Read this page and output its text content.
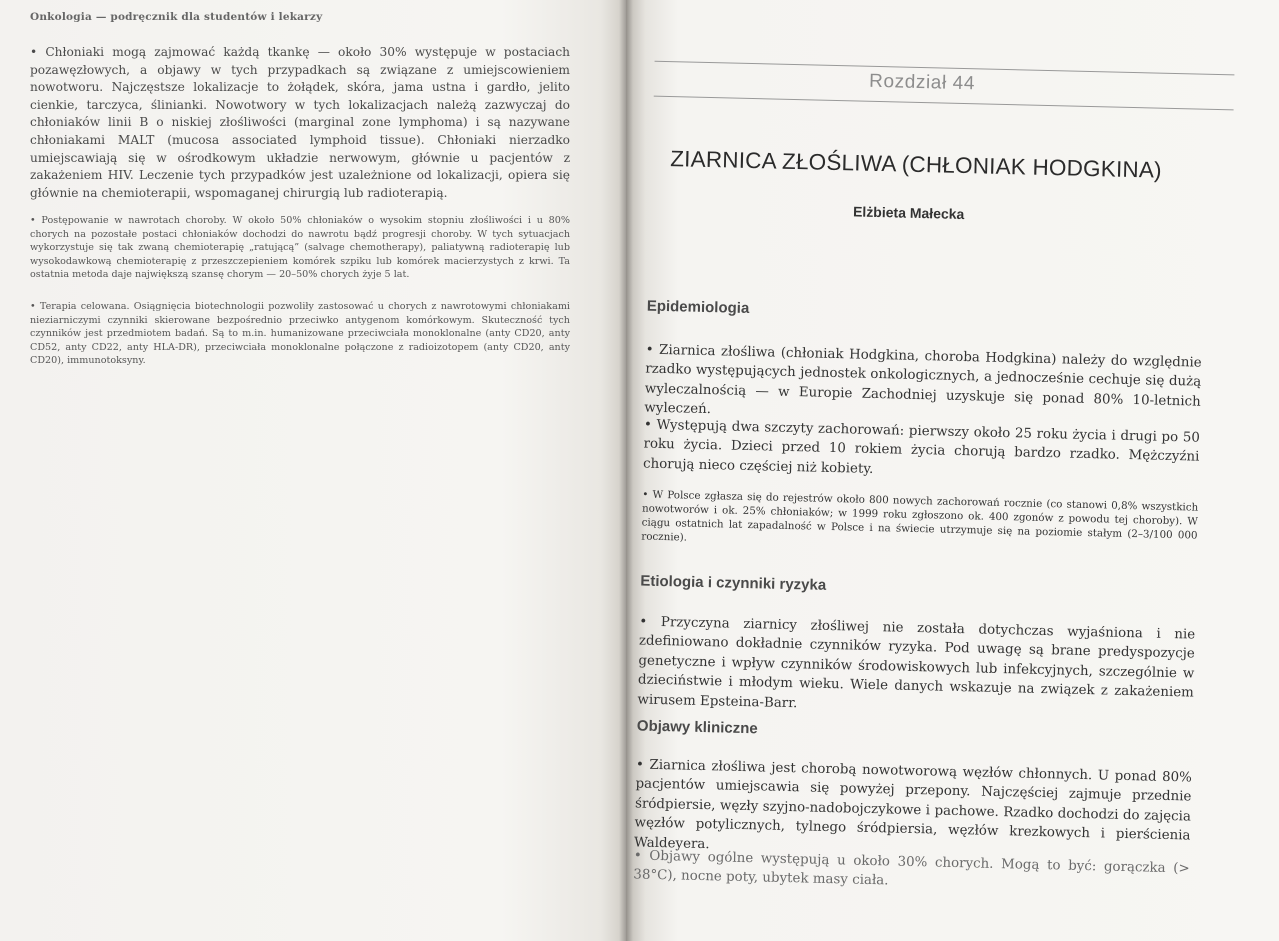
Onkologia — podręcznik dla studentów i lekarzy

• Chłoniaki mogą zajmować każdą tkankę — około 30% występuje w postaciach pozawęzłowych, a objawy w tych przypadkach są związane z umiejscowieniem nowotworu. Najczęstsze lokalizacje to żołądek, skóra, jama ustna i gardło, jelito cienkie, tarczyca, ślinianki. Nowotwory w tych lokalizacjach należą zazwyczaj do chłoniaków linii B o niskiej złośliwości (marginal zone lymphoma) i są nazywane chłoniakami MALT (mucosa associated lymphoid tissue). Chłoniaki nierzadko umiejscawiają się w ośrodkowym układzie nerwowym, głównie u pacjentów z zakażeniem HIV. Leczenie tych przypadków jest uzależnione od lokalizacji, opiera się głównie na chemioterapii, wspomaganej chirurgią lub radioterapią.

• Postępowanie w nawrotach choroby. W około 50% chłoniaków o wysokim stopniu złośliwości i u 80% chorych na pozostałe postaci chłoniaków dochodzi do nawrotu bądź progresji choroby. W tych sytuacjach wykorzystuje się tak zwaną chemioterapię „ratującą” (salvage chemotherapy), paliatywną radioterapię lub wysokodawkową chemioterapię z przeszczepieniem komórek szpiku lub komórek macierzystych z krwi. Ta ostatnia metoda daje największą szansę chorym — 20–50% chorych żyje 5 lat.

• Terapia celowana. Osiągnięcia biotechnologii pozwoliły zastosować u chorych z nawrotowymi chłoniakami nieziarniczymi czynniki skierowane bezpośrednio przeciwko antygenom komórkowym. Skuteczność tych czynników jest przedmiotem badań. Są to m.in. humanizowane przeciwciała monoklonalne (anty CD20, anty CD52, anty CD22, anty HLA-DR), przeciwciała monoklonalne połączone z radioizotopem (anty CD20, anty CD20), immunotoksyny.

Rozdział 44
ZIARNICA ZŁOŚLIWA (CHŁONIAK HODGKINA)
Elżbieta Małecka
Epidemiologia

• Ziarnica złośliwa (chłoniak Hodgkina, choroba Hodgkina) należy do względnie rzadko występujących jednostek onkologicznych, a jednocześnie cechuje się dużą wyleczalnością — w Europie Zachodniej uzyskuje się ponad 80% 10-letnich wyleczeń.

• Występują dwa szczyty zachorowań: pierwszy około 25 roku życia i drugi po 50 roku życia. Dzieci przed 10 rokiem życia chorują bardzo rzadko. Mężczyźni chorują nieco częściej niż kobiety.

• W Polsce zgłasza się do rejestrów około 800 nowych zachorowań rocznie (co stanowi 0,8% wszystkich nowotworów i ok. 25% chłoniaków; w 1999 roku zgłoszono ok. 400 zgonów z powodu tej choroby). W ciągu ostatnich lat zapadalność w Polsce i na świecie utrzymuje się na poziomie stałym (2–3/100 000 rocznie).

Etiologia i czynniki ryzyka

• Przyczyna ziarnicy złośliwej nie została dotychczas wyjaśniona i nie zdefiniowano dokładnie czynników ryzyka. Pod uwagę są brane predyspozycje genetyczne i wpływ czynników środowiskowych lub infekcyjnych, szczególnie w dzieciństwie i młodym wieku. Wiele danych wskazuje na związek z zakażeniem wirusem Epsteina-Barr.

Objawy kliniczne

• Ziarnica złośliwa jest chorobą nowotworową węzłów chłonnych. U ponad 80% pacjentów umiejscawia się powyżej przepony. Najczęściej zajmuje przednie śródpiersie, węzły szyjno-nadobojczykowe i pachowe. Rzadko dochodzi do zajęcia węzłów potylicznych, tylnego śródpiersia, węzłów krezkowych i pierścienia Waldeyera.

• Objawy ogólne występują u około 30% chorych. Mogą to być: gorączka (> 38°C), nocne poty, ubytek masy ciała.
